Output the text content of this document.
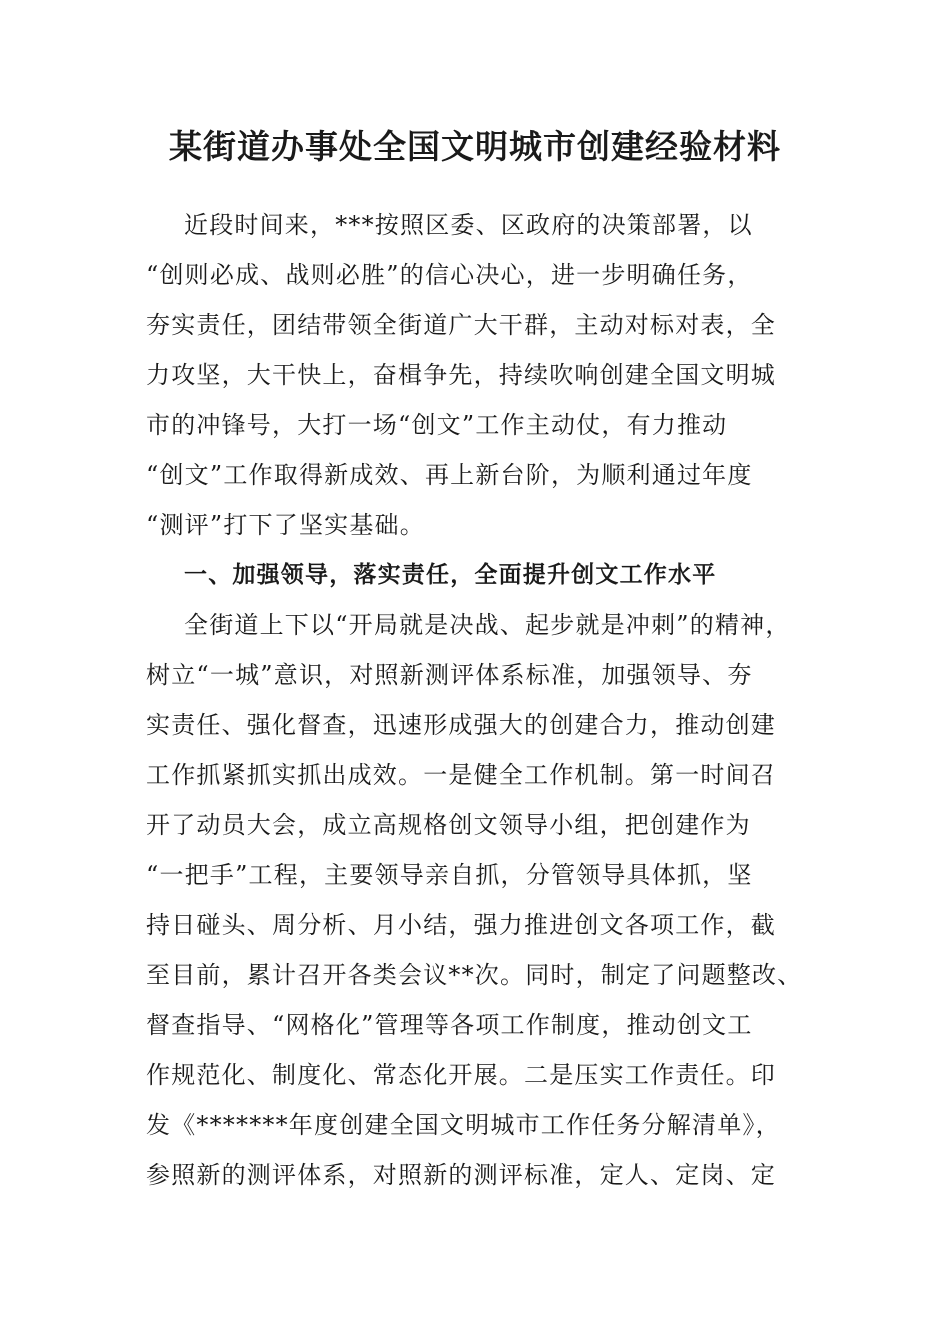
某街道办事处全国文明城市创建经验材料
近段时间来，***按照区委、区政府的决策部署，以
“创则必成、战则必胜”的信心决心，进一步明确任务，
夯实责任，团结带领全街道广大干群，主动对标对表，全
力攻坚，大干快上，奋楫争先，持续吹响创建全国文明城
市的冲锋号，大打一场“创文”工作主动仗，有力推动
“创文”工作取得新成效、再上新台阶，为顺利通过年度
“测评”打下了坚实基础。
一、加强领导，落实责任，全面提升创文工作水平
全街道上下以“开局就是决战、起步就是冲刺”的精神，
树立“一城”意识，对照新测评体系标准，加强领导、夯
实责任、强化督查，迅速形成强大的创建合力，推动创建
工作抓紧抓实抓出成效。一是健全工作机制。第一时间召
开了动员大会，成立高规格创文领导小组，把创建作为
“一把手”工程，主要领导亲自抓，分管领导具体抓，坚
持日碰头、周分析、月小结，强力推进创文各项工作，截
至目前，累计召开各类会议**次。同时，制定了问题整改、
督查指导、“网格化”管理等各项工作制度，推动创文工
作规范化、制度化、常态化开展。二是压实工作责任。印
发《*******年度创建全国文明城市工作任务分解清单》，
参照新的测评体系，对照新的测评标准，定人、定岗、定
